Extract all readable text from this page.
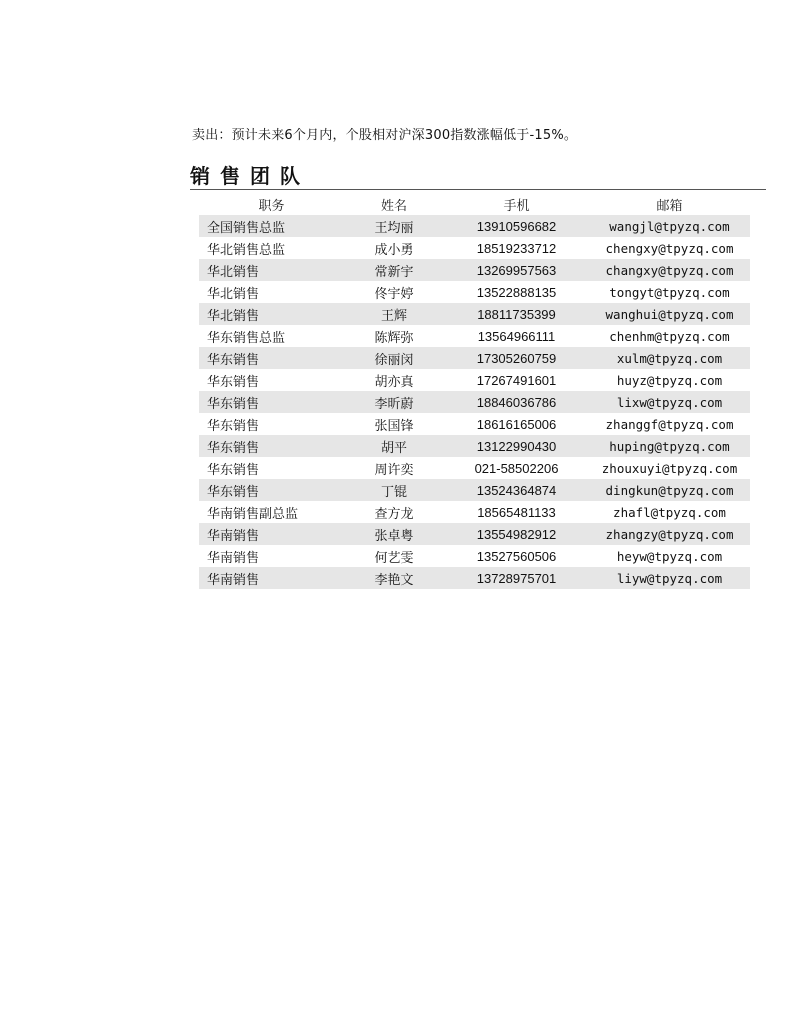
卖出：预计未来6个月内，个股相对沪深300指数涨幅低于-15%。
销售团队
职务	姓名	手机	邮箱
全国销售总监	王均丽	13910596682	wangjl@tpyzq.com
华北销售总监	成小勇	18519233712	chengxy@tpyzq.com
华北销售	常新宇	13269957563	changxy@tpyzq.com
华北销售	佟宇婷	13522888135	tongyt@tpyzq.com
华北销售	王辉	18811735399	wanghui@tpyzq.com
华东销售总监	陈辉弥	13564966111	chenhm@tpyzq.com
华东销售	徐丽闵	17305260759	xulm@tpyzq.com
华东销售	胡亦真	17267491601	huyz@tpyzq.com
华东销售	李昕蔚	18846036786	lixw@tpyzq.com
华东销售	张国锋	18616165006	zhanggf@tpyzq.com
华东销售	胡平	13122990430	huping@tpyzq.com
华东销售	周许奕	021-58502206	zhouxuyi@tpyzq.com
华东销售	丁锟	13524364874	dingkun@tpyzq.com
华南销售副总监	查方龙	18565481133	zhafl@tpyzq.com
华南销售	张卓粤	13554982912	zhangzy@tpyzq.com
华南销售	何艺雯	13527560506	heyw@tpyzq.com
华南销售	李艳文	13728975701	liyw@tpyzq.com
